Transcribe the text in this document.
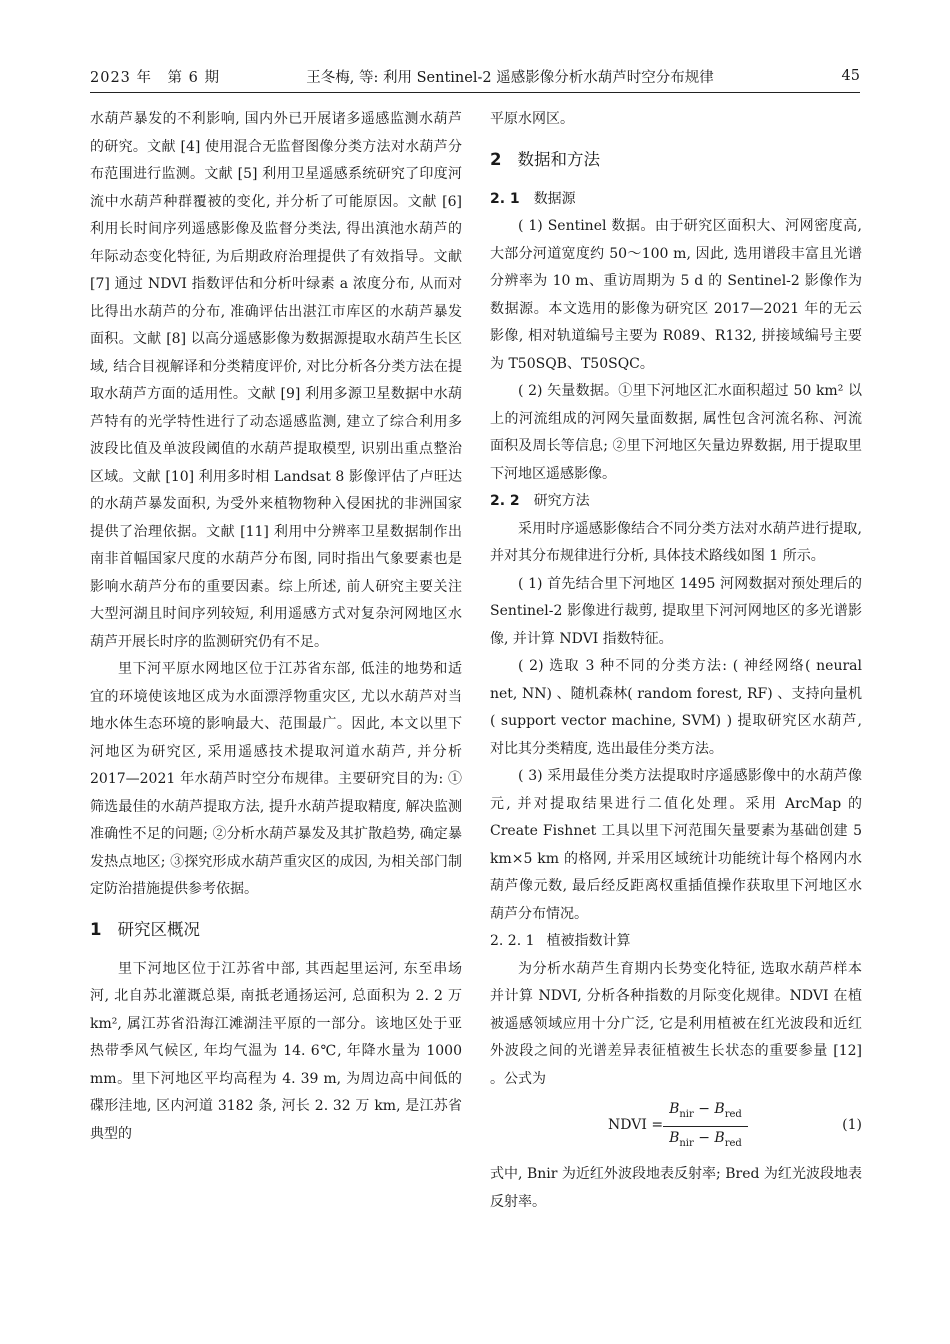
2023 年　第 6 期	王冬梅, 等: 利用 Sentinel-2 遥感影像分析水葫芦时空分布规律	45

水葫芦暴发的不利影响, 国内外已开展诸多遥感监测水葫芦的研究。文献 [4] 使用混合无监督图像分类方法对水葫芦分布范围进行监测。文献 [5] 利用卫星遥感系统研究了印度河流中水葫芦种群覆被的变化, 并分析了可能原因。文献 [6] 利用长时间序列遥感影像及监督分类法, 得出滇池水葫芦的年际动态变化特征, 为后期政府治理提供了有效指导。文献 [7] 通过 NDVI 指数评估和分析叶绿素 a 浓度分布, 从而对比得出水葫芦的分布, 准确评估出湛江市库区的水葫芦暴发面积。文献 [8] 以高分遥感影像为数据源提取水葫芦生长区域, 结合目视解译和分类精度评价, 对比分析各分类方法在提取水葫芦方面的适用性。文献 [9] 利用多源卫星数据中水葫芦特有的光学特性进行了动态遥感监测, 建立了综合利用多波段比值及单波段阈值的水葫芦提取模型, 识别出重点整治区域。文献 [10] 利用多时相 Landsat 8 影像评估了卢旺达的水葫芦暴发面积, 为受外来植物物种入侵困扰的非洲国家提供了治理依据。文献 [11] 利用中分辨率卫星数据制作出南非首幅国家尺度的水葫芦分布图, 同时指出气象要素也是影响水葫芦分布的重要因素。综上所述, 前人研究主要关注大型河湖且时间序列较短, 利用遥感方式对复杂河网地区水葫芦开展长时序的监测研究仍有不足。

里下河平原水网地区位于江苏省东部, 低洼的地势和适宜的环境使该地区成为水面漂浮物重灾区, 尤以水葫芦对当地水体生态环境的影响最大、范围最广。因此, 本文以里下河地区为研究区, 采用遥感技术提取河道水葫芦, 并分析 2017—2021 年水葫芦时空分布规律。主要研究目的为: ①筛选最佳的水葫芦提取方法, 提升水葫芦提取精度, 解决监测准确性不足的问题; ②分析水葫芦暴发及其扩散趋势, 确定暴发热点地区; ③探究形成水葫芦重灾区的成因, 为相关部门制定防治措施提供参考依据。

1 研究区概况

里下河地区位于江苏省中部, 其西起里运河, 东至串场河, 北自苏北灌溉总渠, 南抵老通扬运河, 总面积为 2. 2 万 km², 属江苏省沿海江滩湖洼平原的一部分。该地区处于亚热带季风气候区, 年均气温为 14. 6℃, 年降水量为 1000 mm。里下河地区平均高程为 4. 39 m, 为周边高中间低的碟形洼地, 区内河道 3182 条, 河长 2. 32 万 km, 是江苏省典型的

平原水网区。

2 数据和方法
2. 1 数据源

( 1) Sentinel 数据。由于研究区面积大、河网密度高, 大部分河道宽度约 50～100 m, 因此, 选用谱段丰富且光谱分辨率为 10 m、重访周期为 5 d 的 Sentinel-2 影像作为数据源。本文选用的影像为研究区 2017—2021 年的无云影像, 相对轨道编号主要为 R089、R132, 拼接域编号主要为 T50SQB、T50SQC。

( 2) 矢量数据。①里下河地区汇水面积超过 50 km² 以上的河流组成的河网矢量面数据, 属性包含河流名称、河流面积及周长等信息; ②里下河地区矢量边界数据, 用于提取里下河地区遥感影像。

2. 2 研究方法

采用时序遥感影像结合不同分类方法对水葫芦进行提取, 并对其分布规律进行分析, 具体技术路线如图 1 所示。

( 1) 首先结合里下河地区 1495 河网数据对预处理后的 Sentinel-2 影像进行裁剪, 提取里下河河网地区的多光谱影像, 并计算 NDVI 指数特征。

( 2) 选取 3 种不同的分类方法: ( 神经网络( neural net, NN) 、随机森林( random forest, RF) 、支持向量机( support vector machine, SVM) ) 提取研究区水葫芦, 对比其分类精度, 选出最佳分类方法。

( 3) 采用最佳分类方法提取时序遥感影像中的水葫芦像元, 并对提取结果进行二值化处理。采用 ArcMap 的 Create Fishnet 工具以里下河范围矢量要素为基础创建 5 km×5 km 的格网, 并采用区域统计功能统计每个格网内水葫芦像元数, 最后经反距离权重插值操作获取里下河地区水葫芦分布情况。

2. 2. 1 植被指数计算

为分析水葫芦生育期内长势变化特征, 选取水葫芦样本并计算 NDVI, 分析各种指数的月际变化规律。NDVI 在植被遥感领域应用十分广泛, 它是利用植被在红光波段和近红外波段之间的光谱差异表征植被生长状态的重要参量 [12] 。公式为

NDVI = $\frac{B_{nir} - B_{red}}{B_{nir} - B_{red}}$	(1)

式中, Bnir 为近红外波段地表反射率; Bred 为红光波段地表反射率。
